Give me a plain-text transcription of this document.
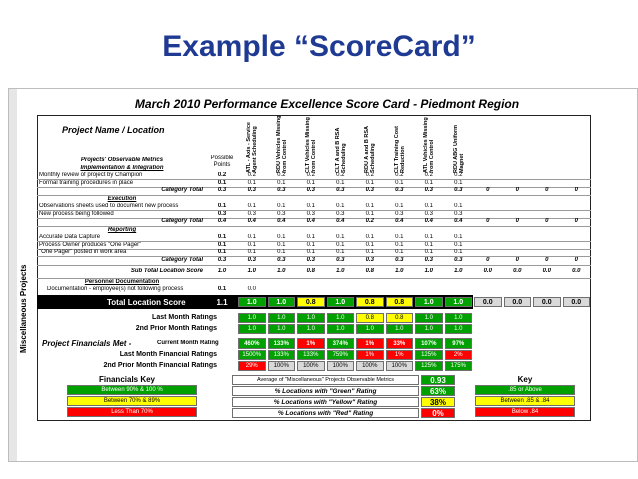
Example “ScoreCard”
March 2010 Performance Excellence Score Card - Piedmont Region
Miscellaneous Projects
Project Name / Location
Projects' Observable Metrics	Possible Points	ATL - Axis - Service Agent Scheduling	RDU Vehicles Missing from Control	CLT Vehicles Missing from Control	CLT A and B RSA Scheduling	RDU A and B RSA Scheduling	CLT Training Cost Reduction	ATL Vehicles Missing from Control	RDU ABG Uniform Magnet
Implementation & Integration
Monthly review of project by Champion	0.2	0.2	0.2	0.2	0.2	0.2	0.2	0.2	0.2
Formal training procedures in place	0.1	0.1	0.1	0.1	0.1	0.1	0.1	0.1	0.1
Category Total	0.3	0.3	0.3	0.3	0.3	0.3	0.3	0.3	0.3	0	0	0	0
Execution
Observations sheets used to document new process	0.1	0.1	0.1	0.1	0.1	0.1	0.1	0.1	0.1
New process being followed	0.3	0.3	0.3	0.3	0.3	0.1	0.3	0.3	0.3
Category Total	0.4	0.4	0.4	0.4	0.4	0.2	0.4	0.4	0.4	0	0	0	0
Reporting
Accurate Data Capture	0.1	0.1	0.1	0.1	0.1	0.1	0.1	0.1	0.1
Process Owner produces "One Pager"	0.1	0.1	0.1	0.1	0.1	0.1	0.1	0.1	0.1
"One Pager" posted in work area	0.1	0.1	0.1	0.1	0.1	0.1	0.1	0.1	0.1
Category Total	0.3	0.3	0.3	0.3	0.3	0.3	0.3	0.3	0.3	0	0	0	0
Sub Total Location Score	1.0	1.0	1.0	0.8	1.0	0.8	1.0	1.0	1.0	0.0	0.0	0.0	0.0
Personnel Documentation
Documentation - employee(s) not following process	0.1	0.0
Total Location Score	1.1	1.0	1.0	0.8	1.0	0.8	0.8	1.0	1.0	0.0	0.0	0.0	0.0
Last Month Ratings	1.0	1.0	1.0	1.0	0.8	0.8	1.0	1.0
2nd Prior Month Ratings	1.0	1.0	1.0	1.0	1.0	1.0	1.0	1.0
Project Financials Met -	Current Month Rating	460%	133%	1%	374%	1%	33%	107%	97%
Last Month Financial Ratings	1500%	133%	133%	759%	1%	1%	125%	2%
2nd Prior Month Financial Ratings	29%	100%	100%	100%	100%	100%	125%	175%
Financials Key
Between 90% & 100 %
Between 70% & 89%
Less Than 70%
Average of "Miscellaneous" Projects Observable Metrics	0.93
% Locations with "Green" Rating	63%
% Locations with "Yellow" Rating	38%
% Locations with "Red" Rating	0%
Key
.85 or Above
Between .85 & .84
Below .84
